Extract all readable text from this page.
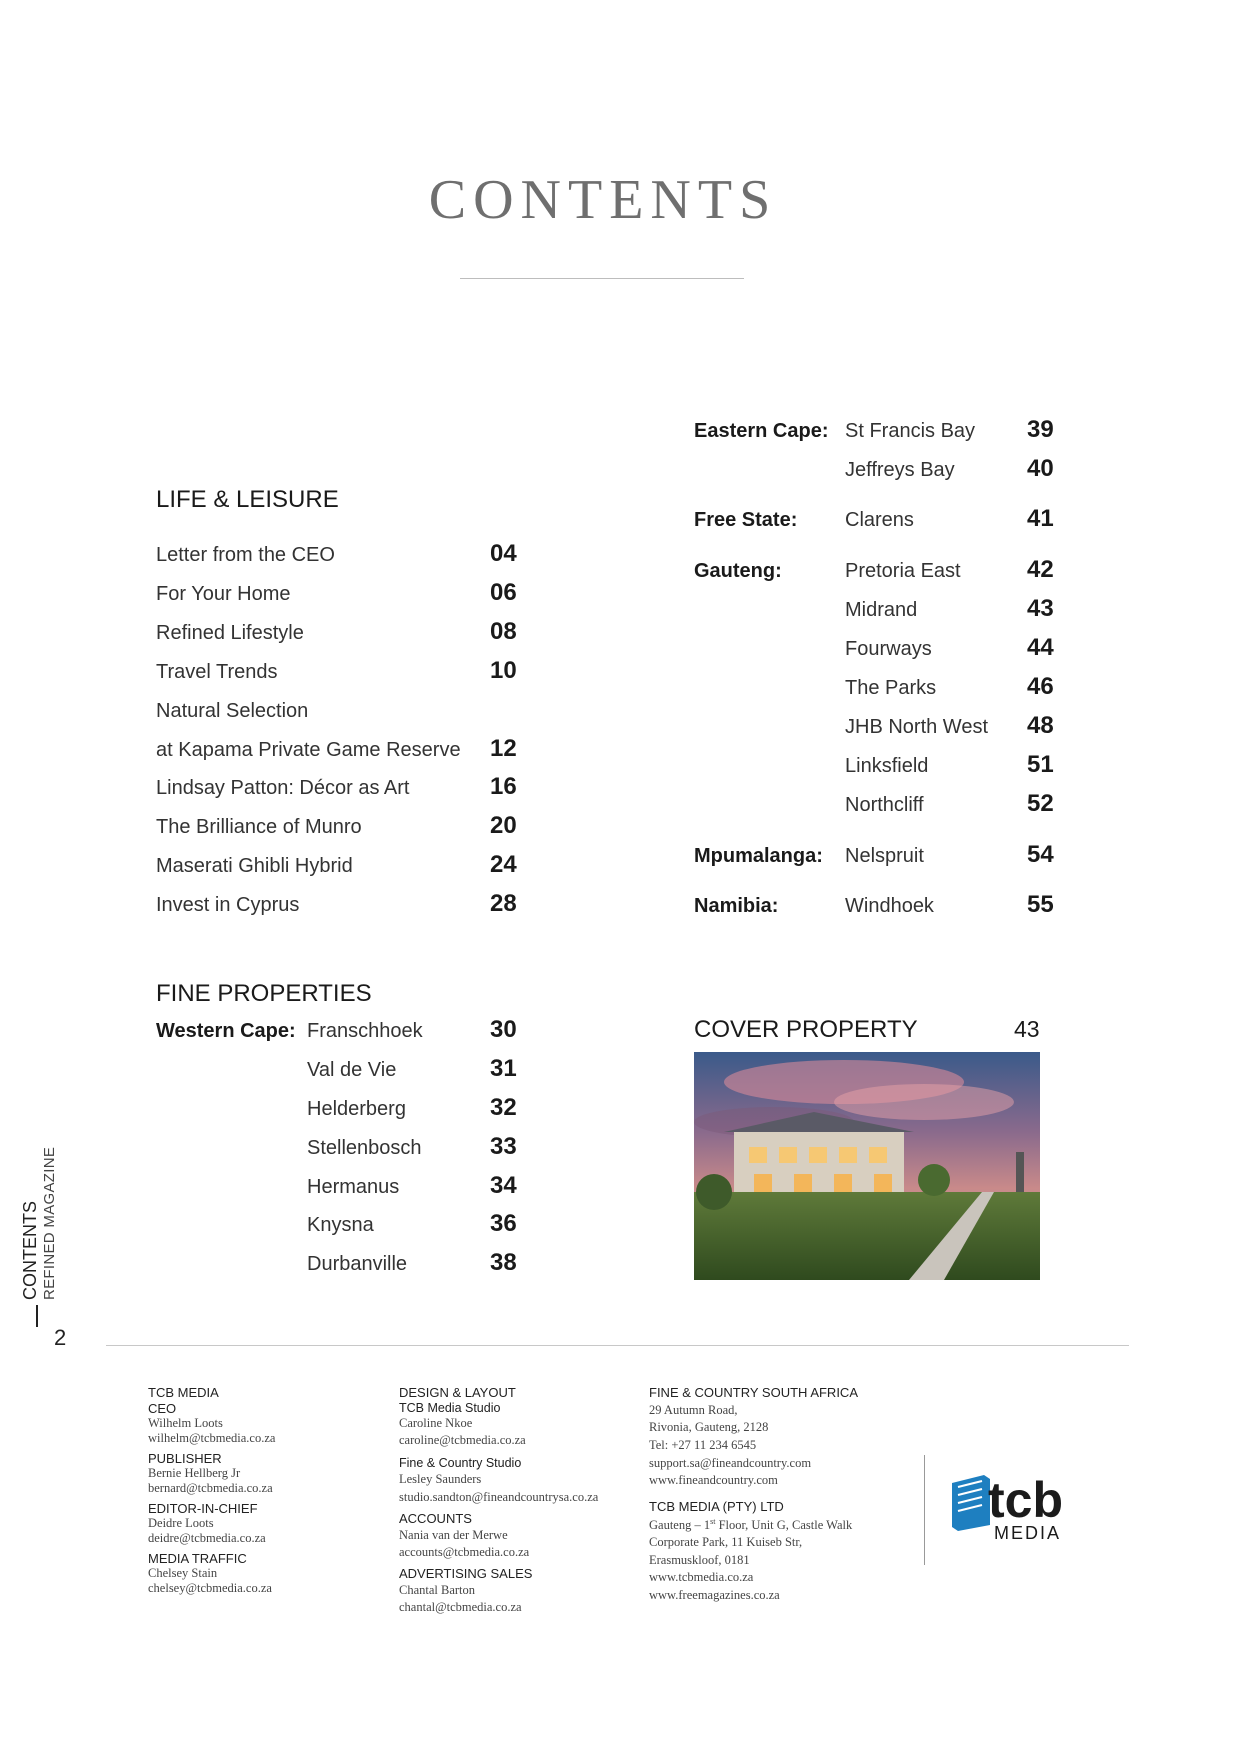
CONTENTS
LIFE & LEISURE
Letter from the CEO	04
For Your Home	06
Refined Lifestyle	08
Travel Trends	10
Natural Selection
at Kapama Private Game Reserve 12
Lindsay Patton: Décor as Art	16
The Brilliance of Munro	20
Maserati Ghibli Hybrid	24
Invest in Cyprus	28
FINE PROPERTIES
Western Cape: Franschhoek	30
Val de Vie	31
Helderberg	32
Stellenbosch	33
Hermanus	34
Knysna	36
Durbanville	38
Eastern Cape: St Francis Bay 39
Jeffreys Bay	40
Free State: Clarens	41
Gauteng:	Pretoria East	42
Midrand	43
Fourways	44
The Parks	46
JHB North West 48
Linksfield	51
Northcliff	52
Mpumalanga: Nelspruit	54
Namibia:	Windhoek	55
COVER PROPERTY	43
CONTENTS REFINED MAGAZINE
2
TCB MEDIA
CEO
Wilhelm Loots
wilhelm@tcbmedia.co.za
PUBLISHER
Bernie Hellberg Jr
bernard@tcbmedia.co.za
EDITOR-IN-CHIEF
Deidre Loots
deidre@tcbmedia.co.za
MEDIA TRAFFIC
Chelsey Stain
chelsey@tcbmedia.co.za
DESIGN & LAYOUT
TCB Media Studio
Caroline Nkoe
caroline@tcbmedia.co.za
Fine & Country Studio
Lesley Saunders
studio.sandton@fineandcountrysa.co.za
ACCOUNTS
Nania van der Merwe
accounts@tcbmedia.co.za
ADVERTISING SALES
Chantal Barton
chantal@tcbmedia.co.za
FINE & COUNTRY SOUTH AFRICA
29 Autumn Road,
Rivonia, Gauteng, 2128
Tel: +27 11 234 6545
support.sa@fineandcountry.com
www.fineandcountry.com
TCB MEDIA (PTY) LTD
Gauteng – 1st Floor, Unit G, Castle Walk
Corporate Park, 11 Kuiseb Str,
Erasmuskloof, 0181
www.tcbmedia.co.za
www.freemagazines.co.za
tcb
MEDIA
